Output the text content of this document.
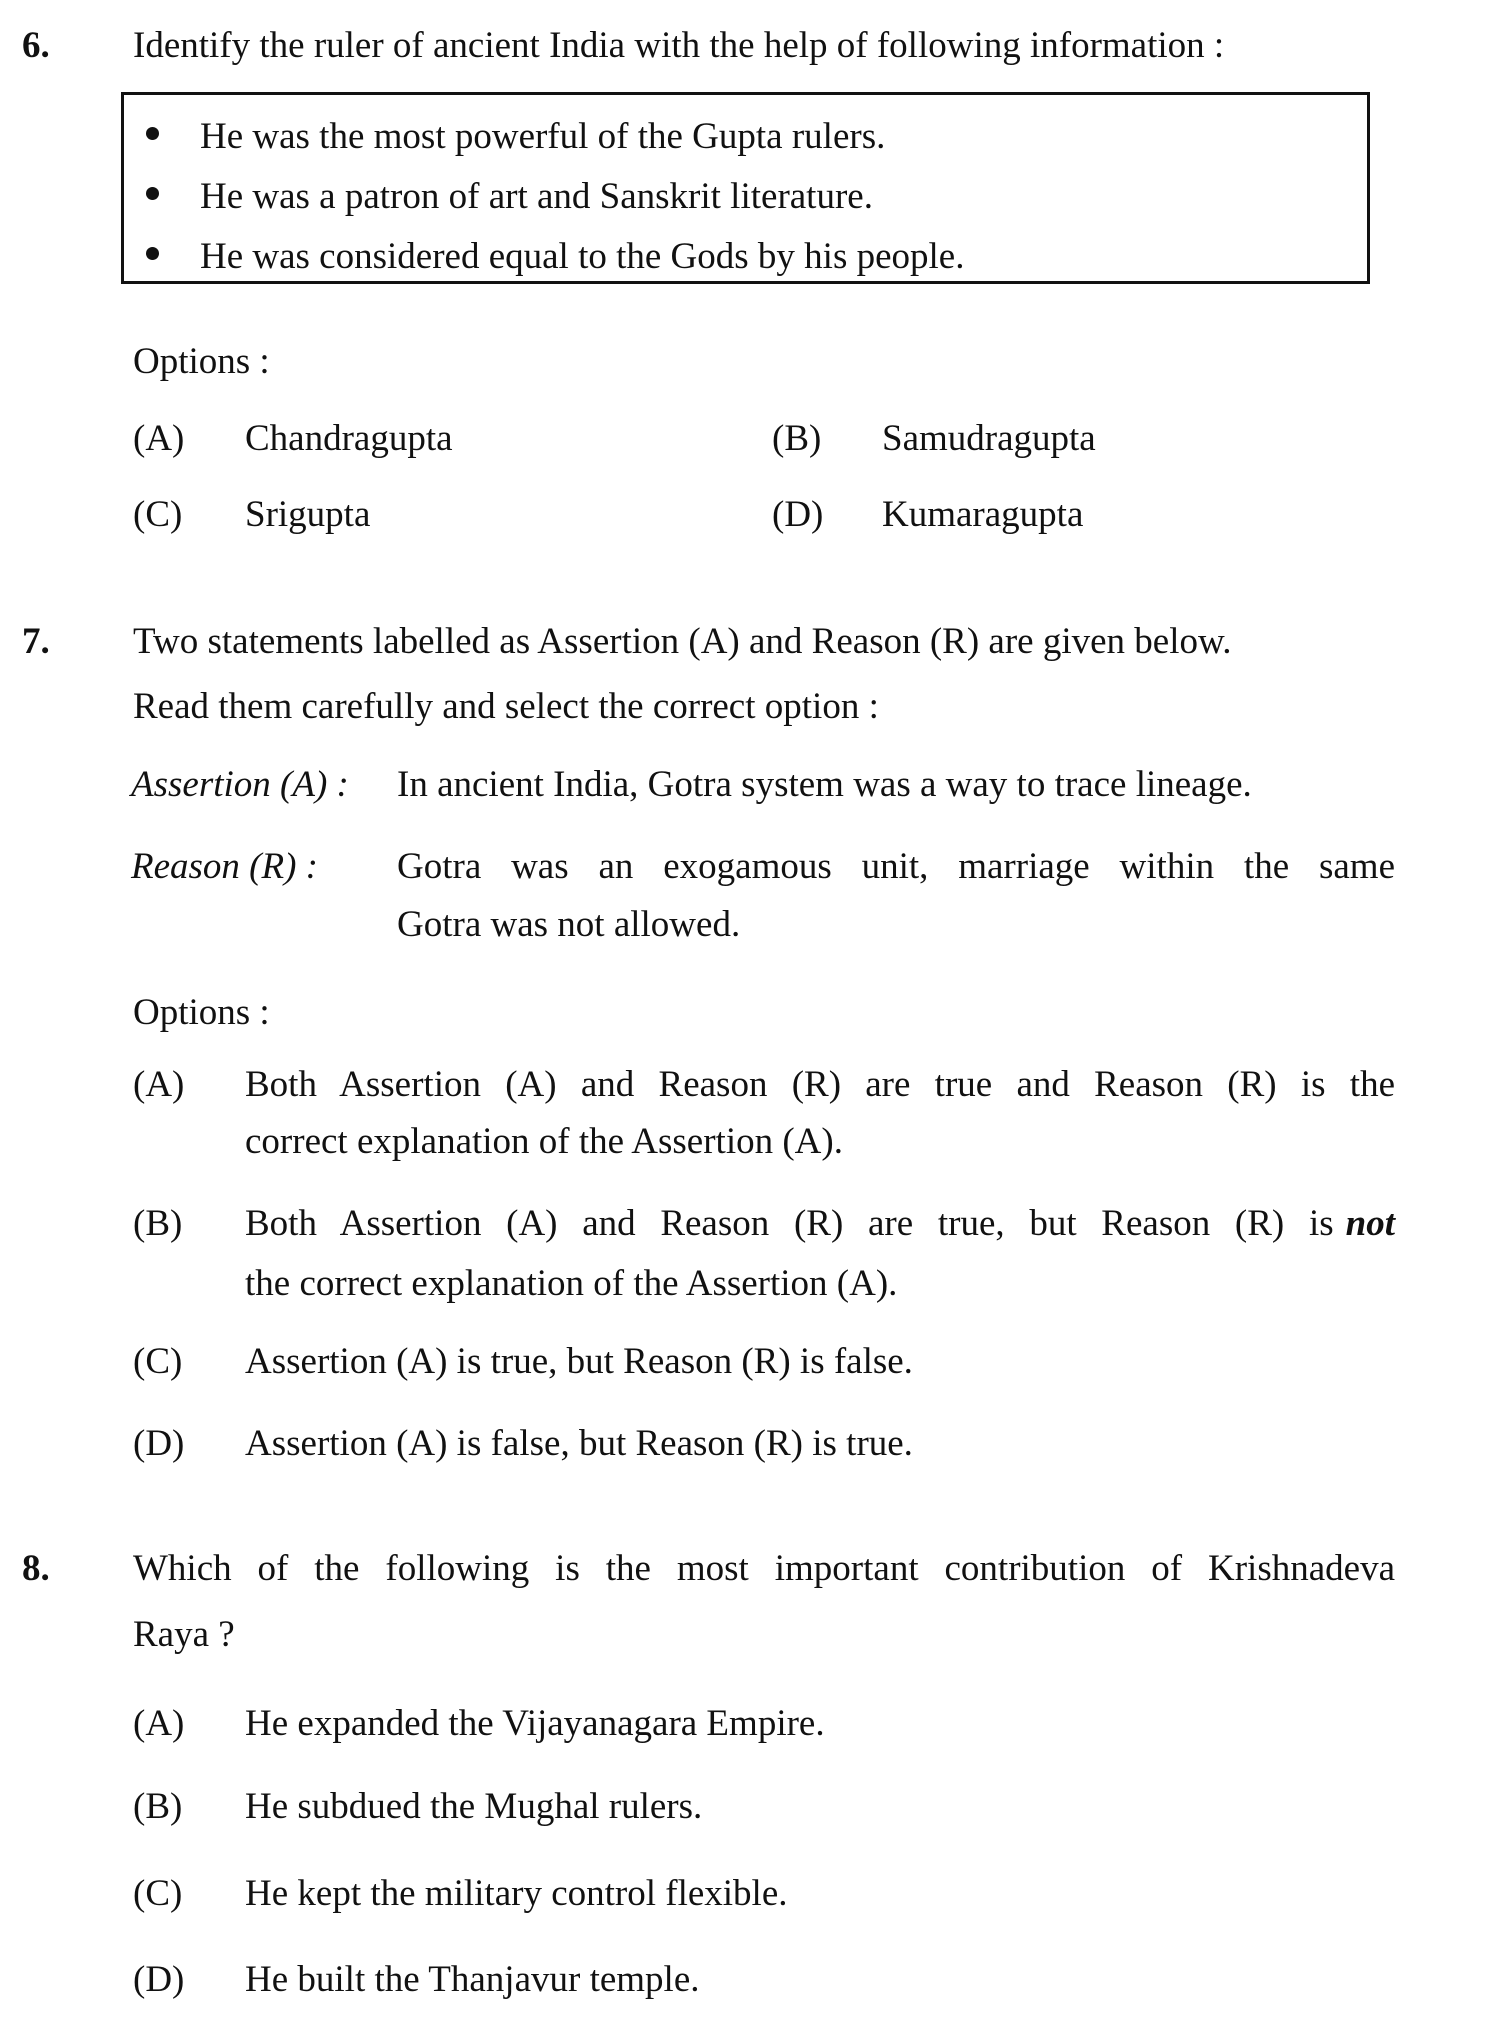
6. Identify the ruler of ancient India with the help of following information :
He was the most powerful of the Gupta rulers.
He was a patron of art and Sanskrit literature.
He was considered equal to the Gods by his people.
Options :
(A) Chandragupta	(B) Samudragupta
(C) Srigupta	(D) Kumaragupta
7. Two statements labelled as Assertion (A) and Reason (R) are given below.
Read them carefully and select the correct option :
Assertion (A) : In ancient India, Gotra system was a way to trace lineage.
Reason (R) : Gotra was an exogamous unit, marriage within the same
Gotra was not allowed.
Options :
(A) Both Assertion (A) and Reason (R) are true and Reason (R) is the
correct explanation of the Assertion (A).
(B) Both Assertion (A) and Reason (R) are true, but Reason (R) is not
the correct explanation of the Assertion (A).
(C) Assertion (A) is true, but Reason (R) is false.
(D) Assertion (A) is false, but Reason (R) is true.
8. Which of the following is the most important contribution of Krishnadeva
Raya ?
(A) He expanded the Vijayanagara Empire.
(B) He subdued the Mughal rulers.
(C) He kept the military control flexible.
(D) He built the Thanjavur temple.
